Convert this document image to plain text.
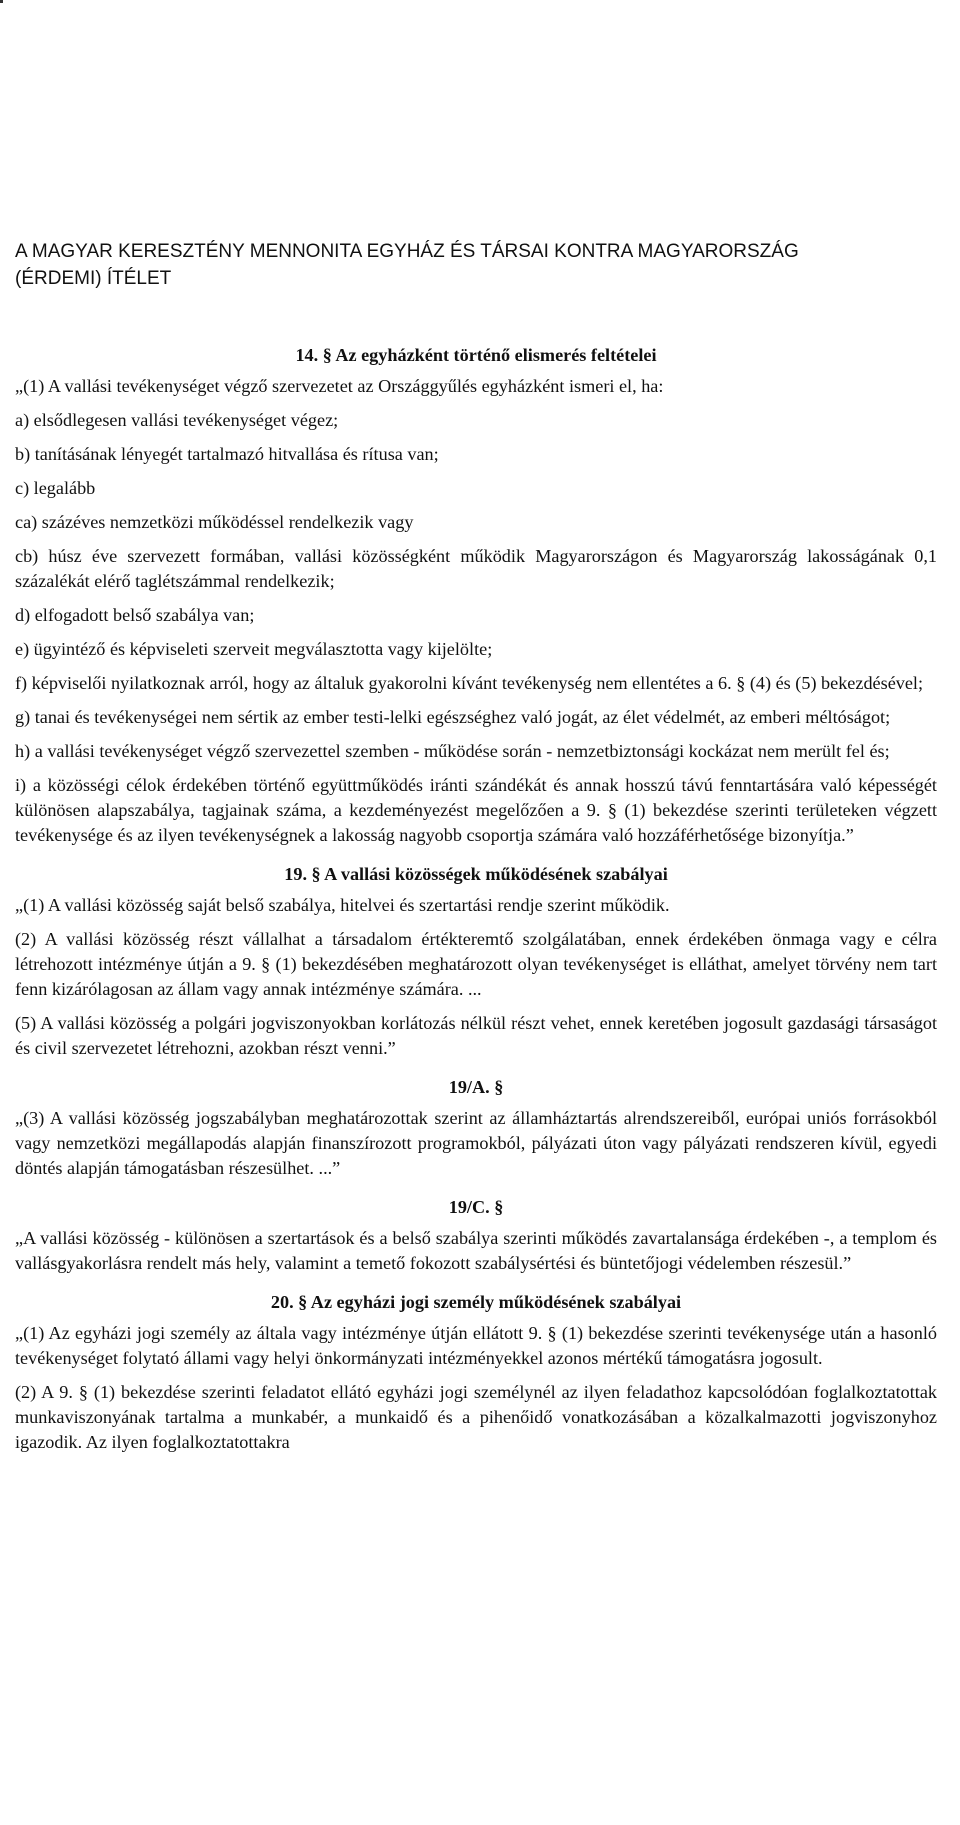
A MAGYAR KERESZTÉNY MENNONITA EGYHÁZ ÉS TÁRSAI KONTRA MAGYARORSZÁG
(ÉRDEMI) ÍTÉLET
14. § Az egyházként történő elismerés feltételei
„(1) A vallási tevékenységet végző szervezetet az Országgyűlés egyházként ismeri el, ha:
a) elsődlegesen vallási tevékenységet végez;
b) tanításának lényegét tartalmazó hitvallása és rítusa van;
c) legalább
ca) százéves nemzetközi működéssel rendelkezik vagy
cb) húsz éve szervezett formában, vallási közösségként működik Magyarországon és Magyarország lakosságának 0,1 százalékát elérő taglétszámmal rendelkezik;
d) elfogadott belső szabálya van;
e) ügyintéző és képviseleti szerveit megválasztotta vagy kijelölte;
f) képviselői nyilatkoznak arról, hogy az általuk gyakorolni kívánt tevékenység nem ellentétes a 6. § (4) és (5) bekezdésével;
g) tanai és tevékenységei nem sértik az ember testi-lelki egészséghez való jogát, az élet védelmét, az emberi méltóságot;
h) a vallási tevékenységet végző szervezettel szemben - működése során - nemzetbiztonsági kockázat nem merült fel és;
i) a közösségi célok érdekében történő együttműködés iránti szándékát és annak hosszú távú fenntartására való képességét különösen alapszabálya, tagjainak száma, a kezdeményezést megelőzően a 9. § (1) bekezdése szerinti területeken végzett tevékenysége és az ilyen tevékenységnek a lakosság nagyobb csoportja számára való hozzáférhetősége bizonyítja.”
19. § A vallási közösségek működésének szabályai
„(1) A vallási közösség saját belső szabálya, hitelvei és szertartási rendje szerint működik.
(2) A vallási közösség részt vállalhat a társadalom értékteremtő szolgálatában, ennek érdekében önmaga vagy e célra létrehozott intézménye útján a 9. § (1) bekezdésében meghatározott olyan tevékenységet is elláthat, amelyet törvény nem tart fenn kizárólagosan az állam vagy annak intézménye számára. ...
(5) A vallási közösség a polgári jogviszonyokban korlátozás nélkül részt vehet, ennek keretében jogosult gazdasági társaságot és civil szervezetet létrehozni, azokban részt venni.”
19/A. §
„(3) A vallási közösség jogszabályban meghatározottak szerint az államháztartás alrendszereiből, európai uniós forrásokból vagy nemzetközi megállapodás alapján finanszírozott programokból, pályázati úton vagy pályázati rendszeren kívül, egyedi döntés alapján támogatásban részesülhet. ...”
19/C. §
„A vallási közösség - különösen a szertartások és a belső szabálya szerinti működés zavartalansága érdekében -, a templom és vallásgyakorlásra rendelt más hely, valamint a temető fokozott szabálysértési és büntetőjogi védelemben részesül.”
20. § Az egyházi jogi személy működésének szabályai
„(1) Az egyházi jogi személy az általa vagy intézménye útján ellátott 9. § (1) bekezdése szerinti tevékenysége után a hasonló tevékenységet folytató állami vagy helyi önkormányzati intézményekkel azonos mértékű támogatásra jogosult.
(2) A 9. § (1) bekezdése szerinti feladatot ellátó egyházi jogi személynél az ilyen feladathoz kapcsolódóan foglalkoztatottak munkaviszonyának tartalma a munkabér, a munkaidő és a pihenőidő vonatkozásában a közalkalmazotti jogviszonyhoz igazodik. Az ilyen foglalkoztatottakra
